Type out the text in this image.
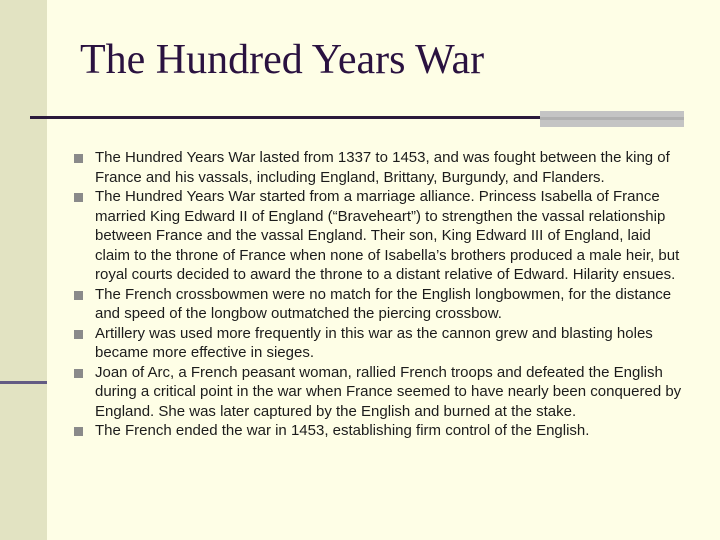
The Hundred Years War
The Hundred Years War lasted from 1337 to 1453, and was fought between the king of France and his vassals, including England, Brittany, Burgundy, and Flanders.
The Hundred Years War started from a marriage alliance. Princess Isabella of France married King Edward II of England (“Braveheart”) to strengthen the vassal relationship between France and the vassal England. Their son, King Edward III of England, laid claim to the throne of France when none of Isabella’s brothers produced a male heir, but royal courts decided to award the throne to a distant relative of Edward. Hilarity ensues.
The French crossbowmen were no match for the English longbowmen, for the distance and speed of the longbow outmatched the piercing crossbow.
Artillery was used more frequently in this war as the cannon grew and blasting holes became more effective in sieges.
Joan of Arc, a French peasant woman, rallied French troops and defeated the English during a critical point in the war when France seemed to have nearly been conquered by England. She was later captured by the English and burned at the stake.
The French ended the war in 1453, establishing firm control of the English.
